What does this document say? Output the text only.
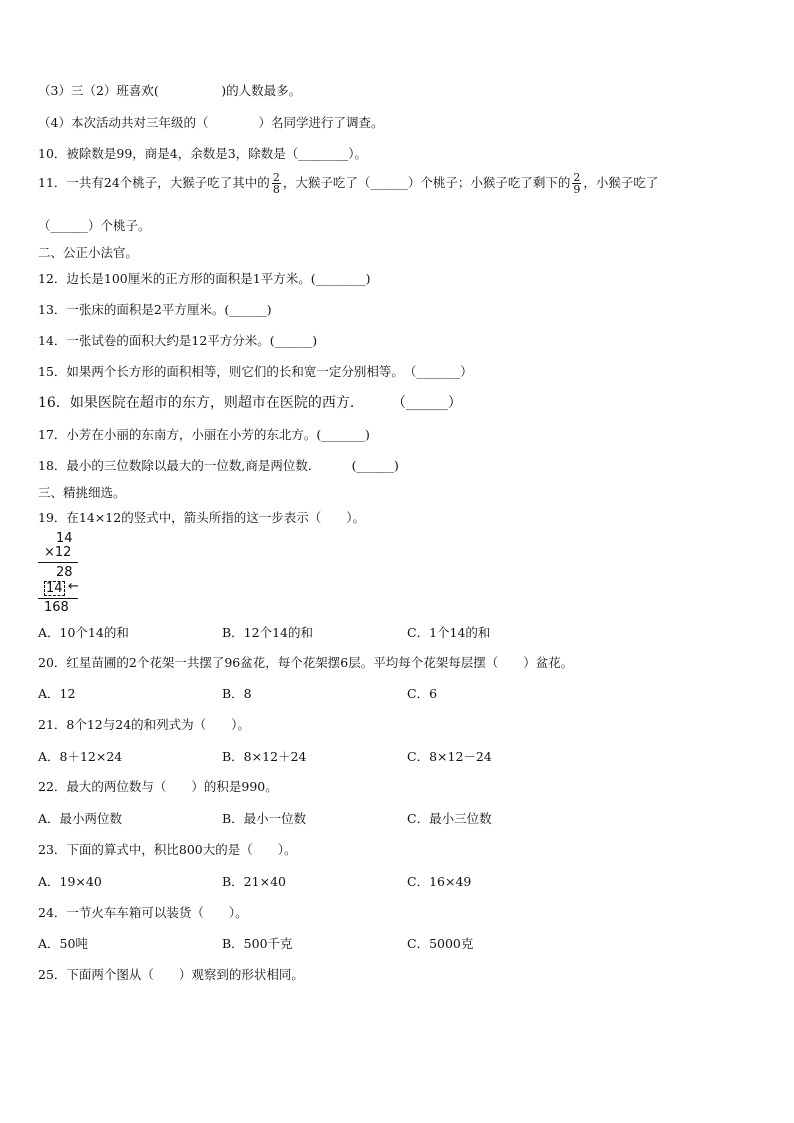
（3）三（2）班喜欢(　　　　　)的人数最多。
（4）本次活动共对三年级的（　　　　）名同学进行了调查。
10．被除数是99，商是4，余数是3，除数是（________）。
11．一共有24个桃子，大猴子吃了其中的 $\frac{2}{8}$ ，大猴子吃了（______）个桃子；小猴子吃了剩下的 $\frac{2}{9}$ ，小猴子吃了
（______）个桃子。
二、公正小法官。
12．边长是100厘米的正方形的面积是1平方米。(________)
13．一张床的面积是2平方厘米。(______)
14．一张试卷的面积大约是12平方分米。(______)
15．如果两个长方形的面积相等，则它们的长和宽一定分别相等。　（_______）
16．如果医院在超市的东方，则超市在医院的西方．　　　（______）
17．小芳在小丽的东南方，小丽在小芳的东北方。(_______)
18．最小的三位数除以最大的一位数,商是两位数．　　　(______)
三、精挑细选。
19．在14×12的竖式中，箭头所指的这一步表示（　　）。
14
×12
28
14 ←
168
A．10个14的和	B．12个14的和	C．1个14的和
20．红星苗圃的2个花架一共摆了96盆花，每个花架摆6层。平均每个花架每层摆（　　）盆花。
A．12	B．8	C．6
21．8个12与24的和列式为（　　）。
A．8＋12×24	B．8×12＋24	C．8×12－24
22．最大的两位数与（　　）的积是990。
A．最小两位数	B．最小一位数	C．最小三位数
23．下面的算式中，积比800大的是（　　）。
A．19×40	B．21×40	C．16×49
24．一节火车车箱可以装货（　　）。
A．50吨	B．500千克	C．5000克
25．下面两个图从（　　）观察到的形状相同。
